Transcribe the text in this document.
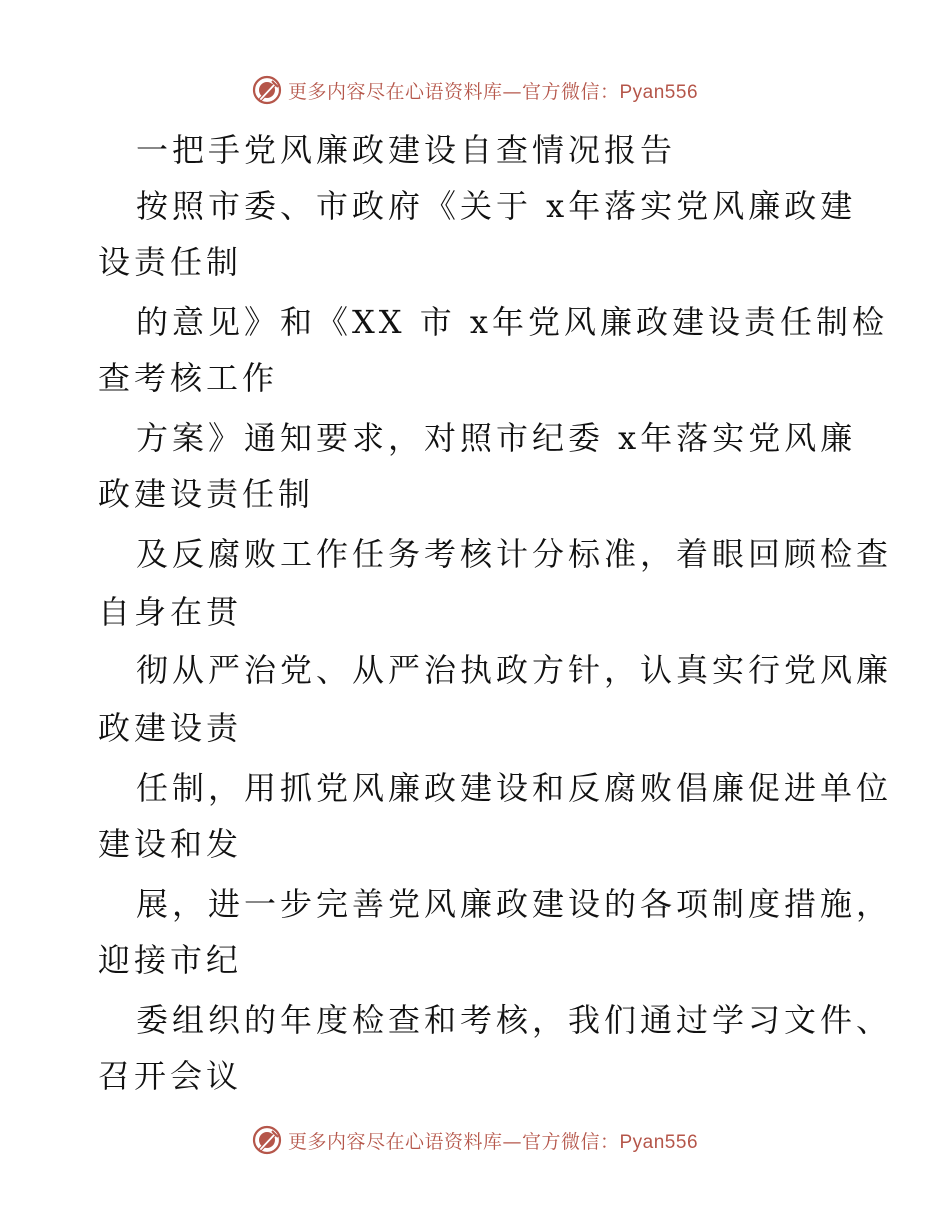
更多内容尽在心语资料库—官方微信：Pyan556
一把手党风廉政建设自查情况报告
按照市委、市政府《关于 x年落实党风廉政建
设责任制
的意见》和《XX 市 x年党风廉政建设责任制检
查考核工作
方案》通知要求，对照市纪委 x年落实党风廉
政建设责任制
及反腐败工作任务考核计分标准，着眼回顾检查
自身在贯
彻从严治党、从严治执政方针，认真实行党风廉
政建设责
任制，用抓党风廉政建设和反腐败倡廉促进单位
建设和发
展，进一步完善党风廉政建设的各项制度措施，
迎接市纪
委组织的年度检查和考核，我们通过学习文件、
召开会议
更多内容尽在心语资料库—官方微信：Pyan556
